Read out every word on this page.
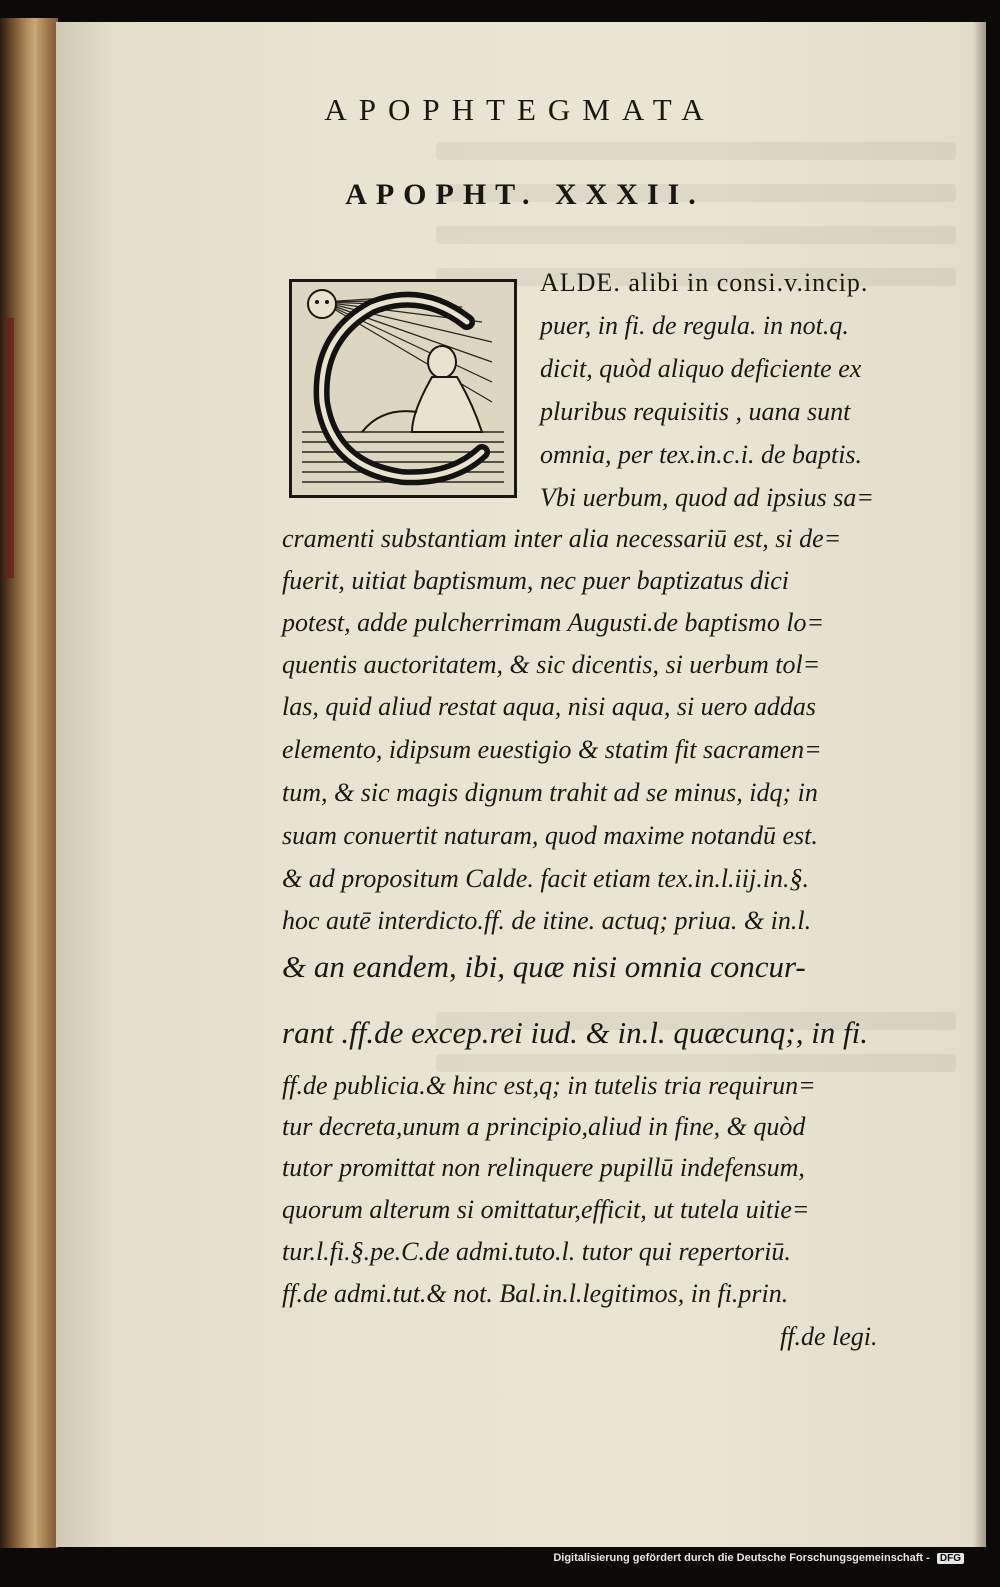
APOPHTEGMATA
APOPHT. XXXII.
ALDE. alibi in consi.v.incip.
puer, in fi. de regula. in not.q.
dicit, quòd aliquo deficiente ex
pluribus requisitis , uana sunt
omnia, per tex.in.c.i. de baptis.
Vbi uerbum, quod ad ipsius sa=
cramenti substantiam inter alia necessariū est, si de=
fuerit, uitiat baptismum, nec puer baptizatus dici
potest, adde pulcherrimam Augusti.de baptismo lo=
quentis auctoritatem, & sic dicentis, si uerbum tol=
las, quid aliud restat aqua, nisi aqua, si uero addas
elemento, idipsum euestigio & statim fit sacramen=
tum, & sic magis dignum trahit ad se minus, idq; in
suam conuertit naturam, quod maxime notandū est.
& ad propositum Calde. facit etiam tex.in.l.iij.in.§.
hoc autē interdicto.ff. de itine. actuq; priua. & in.l.
& an eandem, ibi, quæ nisi omnia concur-
rant .ff.de excep.rei iud. & in.l. quæcunq;, in fi.
ff.de publicia.& hinc est,q; in tutelis tria requirun=
tur decreta,unum a principio,aliud in fine, & quòd
tutor promittat non relinquere pupillū indefensum,
quorum alterum si omittatur,efficit, ut tutela uitie=
tur.l.fi.§.pe.C.de admi.tuto.l. tutor qui repertoriū.
ff.de admi.tut.& not. Bal.in.l.legitimos, in fi.prin.
ff.de legi.
Digitalisierung gefördert durch die Deutsche Forschungsgemeinschaft - DFG
